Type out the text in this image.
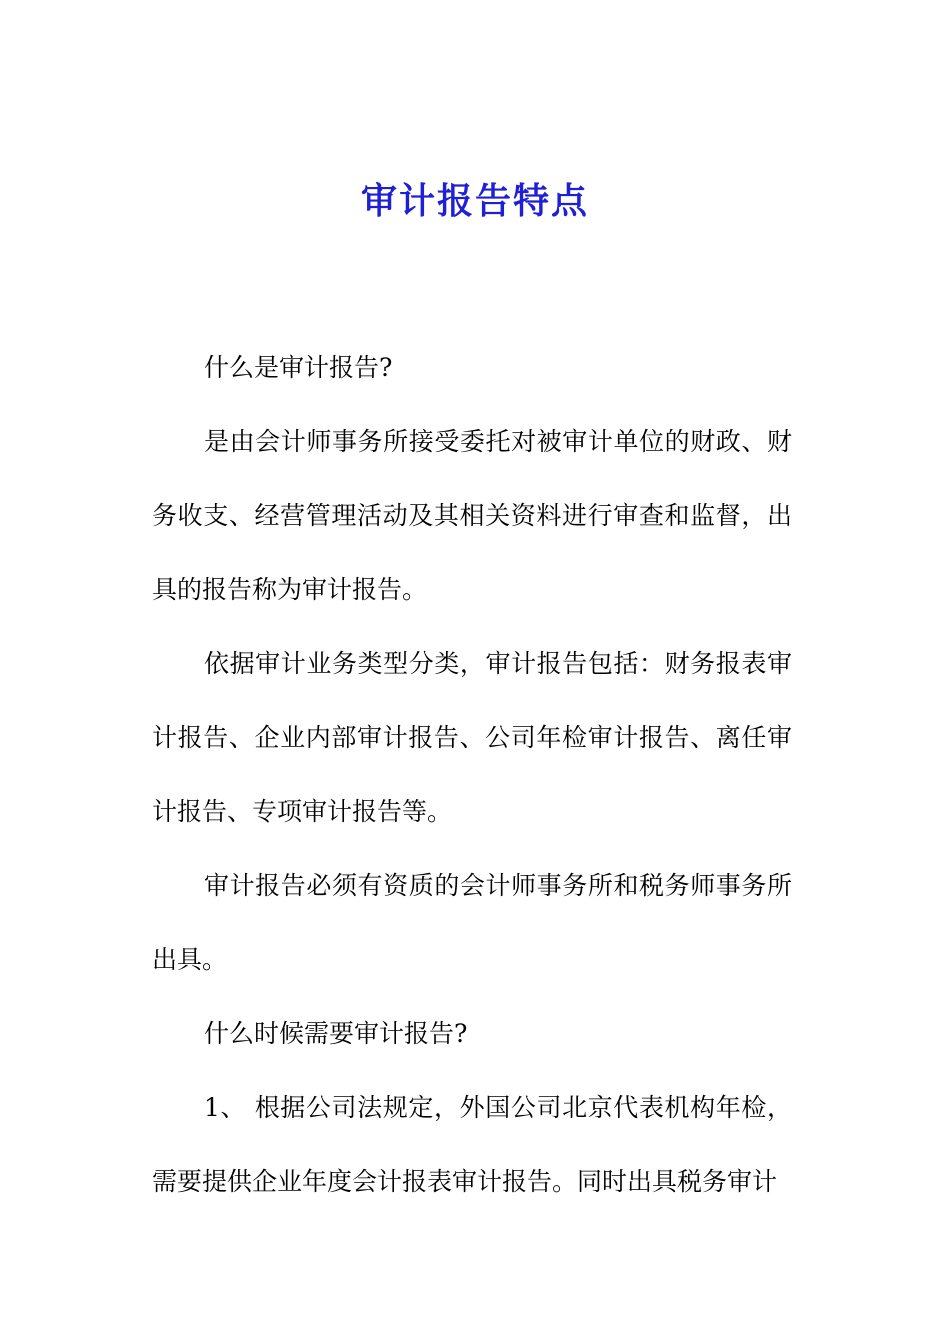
审计报告特点

什么是审计报告?

是由会计师事务所接受委托对被审计单位的财政、财务收支、经营管理活动及其相关资料进行审查和监督，出具的报告称为审计报告。

依据审计业务类型分类，审计报告包括：财务报表审计报告、企业内部审计报告、公司年检审计报告、离任审计报告、专项审计报告等。

审计报告必须有资质的会计师事务所和税务师事务所出具。

什么时候需要审计报告?

1、 根据公司法规定，外国公司北京代表机构年检，需要提供企业年度会计报表审计报告。同时出具税务审计
